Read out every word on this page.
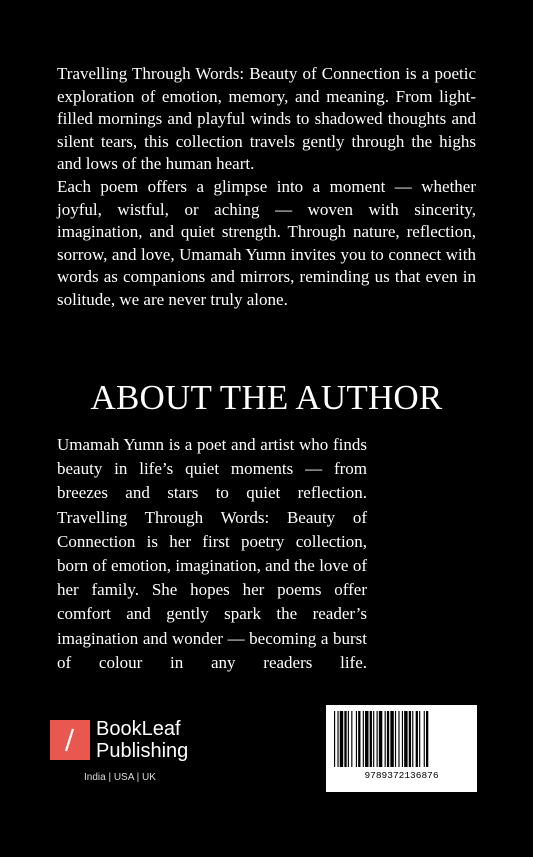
Travelling Through Words: Beauty of Connection is a poetic exploration of emotion, memory, and meaning. From light-filled mornings and playful winds to shadowed thoughts and silent tears, this collection travels gently through the highs and lows of the human heart.

Each poem offers a glimpse into a moment — whether joyful, wistful, or aching — woven with sincerity, imagination, and quiet strength. Through nature, reflection, sorrow, and love, Umamah Yumn invites you to connect with words as companions and mirrors, reminding us that even in solitude, we are never truly alone.

ABOUT THE AUTHOR

Umamah Yumn is a poet and artist who finds beauty in life’s quiet moments — from breezes and stars to quiet reflection. Travelling Through Words: Beauty of Connection is her first poetry collection, born of emotion, imagination, and the love of her family. She hopes her poems offer comfort and gently spark the reader’s imagination and wonder — becoming a burst of colour in any readers life.

BookLeaf
Publishing

India | USA | UK	9789372136876
